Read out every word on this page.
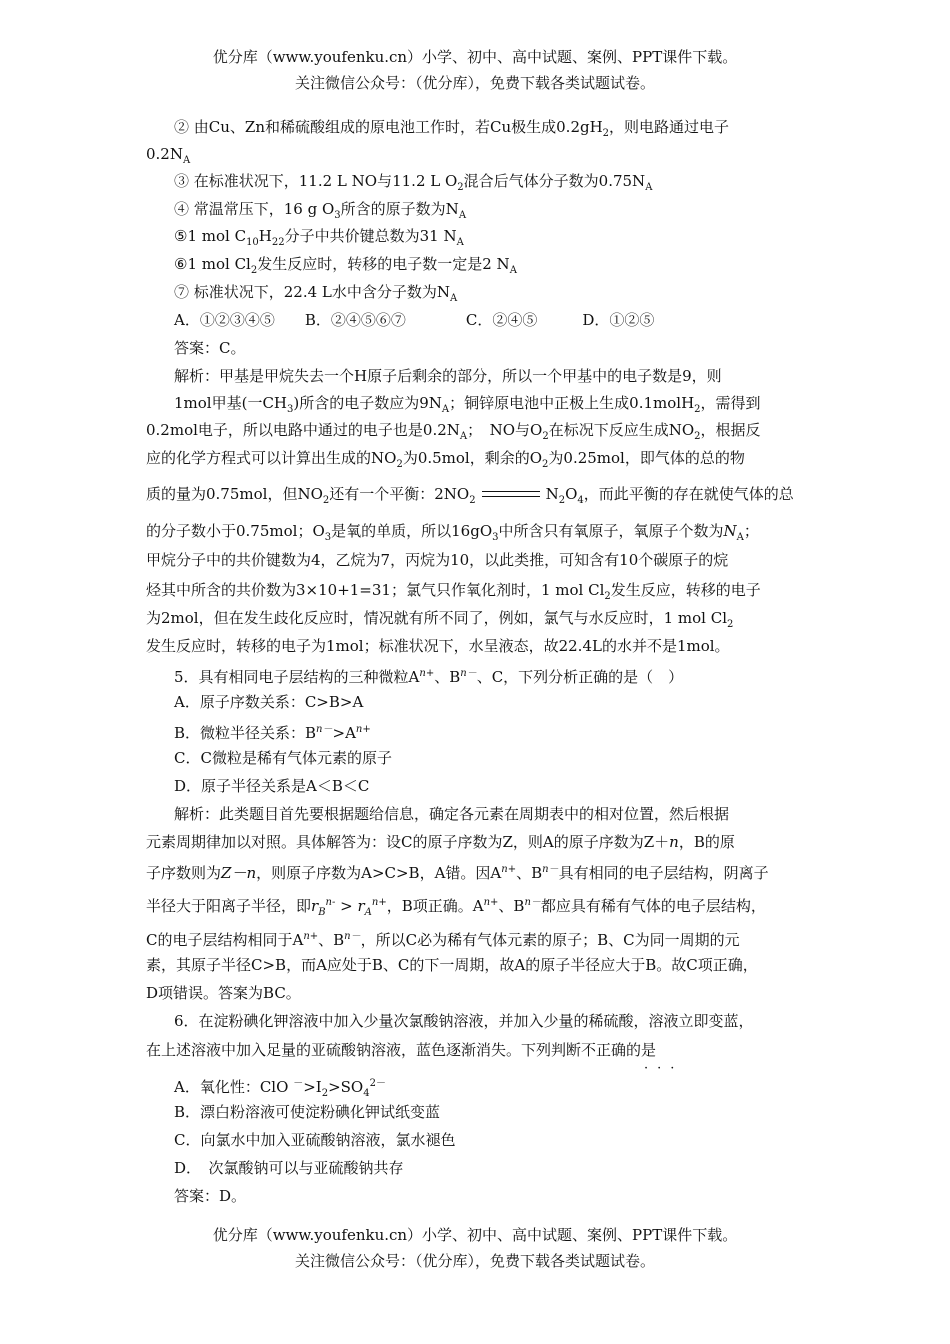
优分库（www.youfenku.cn）小学、初中、高中试题、案例、PPT课件下载。
关注微信公众号：（优分库），免费下载各类试题试卷。
② 由Cu、Zn和稀硫酸组成的原电池工作时，若Cu极生成$0.2gH_2$，则电路通过电子
$0.2N_A$
③ 在标准状况下，11.2 L NO与11.2 L $O_2$混合后气体分子数为$0.75N_A$
④ 常温常压下，16 g $O_3$所含的原子数为$N_A$
⑤1 mol $C_{10}H_{22}$分子中共价键总数为31 $N_A$
⑥1 mol $Cl_2$发生反应时，转移的电子数一定是2 $N_A$
⑦ 标准状况下，22.4 L水中含分子数为$N_A$
A．①②③④⑤　　B．②④⑤⑥⑦　　　　C．②④⑤　　　D．①②⑤
答案：C。
解析：甲基是甲烷失去一个H原子后剩余的部分，所以一个甲基中的电子数是9，则
1mol甲基(一$CH_3$)所含的电子数应为$9N_A$；铜锌原电池中正极上生成0.1molH$_2$，需得到
0.2mol电子，所以电路中通过的电子也是$0.2N_A$；　NO与$O_2$在标况下反应生成$NO_2$，根据反
应的化学方程式可以计算出生成的$NO_2$为0.5mol，剩余的$O_2$为0.25mol，即气体的总的物
质的量为0.75mol，但$NO_2$还有一个平衡：$2NO_2$	$N_2O_4$，而此平衡的存在就使气体的总
的分子数小于0.75mol；$O_3$是氧的单质，所以$16gO_3$中所含只有氧原子，氧原子个数为$N_A$；
甲烷分子中的共价键数为4，乙烷为7，丙烷为10，以此类推，可知含有10个碳原子的烷
烃其中所含的共价数为3×10+1=31；氯气只作氧化剂时，1 mol $Cl_2$发生反应，转移的电子
为2mol，但在发生歧化反应时，情况就有所不同了，例如，氯气与水反应时，1 mol $Cl_2$
发生反应时，转移的电子为1mol；标准状况下，水呈液态，故22.4L的水并不是1mol。
5．具有相同电子层结构的三种微粒$A^{n+}$、$B^{n-}$、C，下列分析正确的是（　）
A．原子序数关系：C>B>A
B．微粒半径关系：$B^{n-}>A^{n+}$
C．C微粒是稀有气体元素的原子
D．原子半径关系是A＜B＜C
解析：此类题目首先要根据题给信息，确定各元素在周期表中的相对位置，然后根据
元素周期律加以对照。具体解答为：设C的原子序数为Z，则A的原子序数为Z＋n，B的原
子序数则为Z－n，则原子序数为A>C>B，A错。因$A^{n+}$、$B^{n-}$具有相同的电子层结构，阴离子
半径大于阳离子半径，即$r_B^{n-} > r_A^{n+}$，B项正确。$A^{n+}$、$B^{n-}$都应具有稀有气体的电子层结构，
C的电子层结构相同于$A^{n+}$、$B^{n-}$，所以C必为稀有气体元素的原子；B、C为同一周期的元
素，其原子半径C>B，而A应处于B、C的下一周期，故A的原子半径应大于B。故C项正确，
D项错误。答案为BC。
6．在淀粉碘化钾溶液中加入少量次氯酸钠溶液，并加入少量的稀硫酸，溶液立即变蓝，
在上述溶液中加入足量的亚硫酸钠溶液，蓝色逐渐消失。下列判断不正确的是
···
A．氧化性：ClO $^->I_2>SO_4^{2-}$
B．漂白粉溶液可使淀粉碘化钾试纸变蓝
C．向氯水中加入亚硫酸钠溶液，氯水褪色
D．　次氯酸钠可以与亚硫酸钠共存
答案：D。
优分库（www.youfenku.cn）小学、初中、高中试题、案例、PPT课件下载。
关注微信公众号：（优分库），免费下载各类试题试卷。
